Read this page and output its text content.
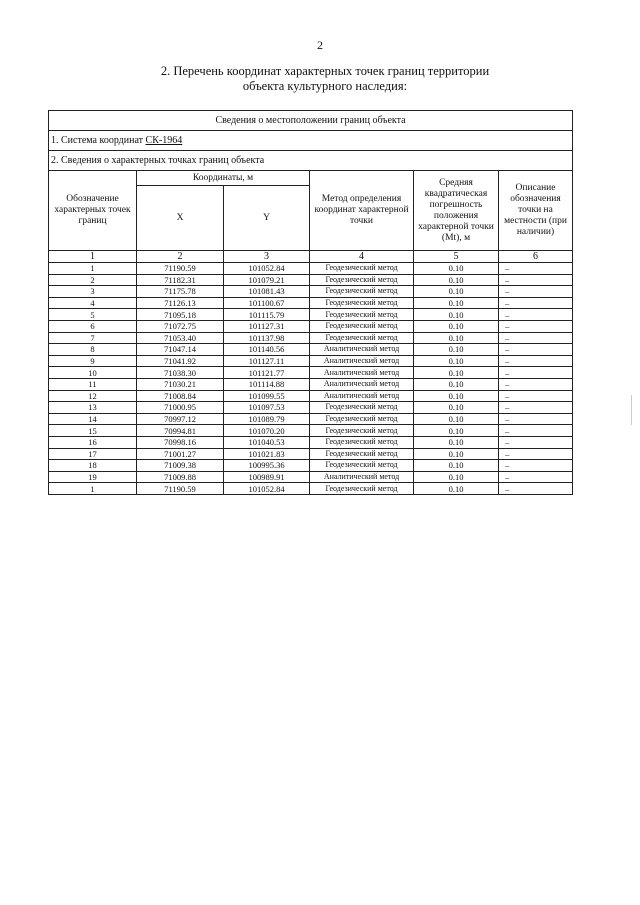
2
2. Перечень координат характерных точек границ территории
объекта культурного наследия:
Сведения о местоположении границ объекта					
1. Система координат СК-1964					
2. Сведения о характерных точках границ объекта					
Обозначение характерных точек границ	Координаты, м		Метод определения координат характерной точки	Средняя квадратическая погрешность положения характерной точки (Mt), м	Описание обозначения точки на местности (при наличии)
	X	Y			
1	2	3	4	5	6
1	71190.59	101052.84	Геодезический метод	0.10	–
2	71182.31	101079.21	Геодезический метод	0.10	–
3	71175.78	101081.43	Геодезический метод	0.10	–
4	71126.13	101100.67	Геодезический метод	0.10	–
5	71095.18	101115.79	Геодезический метод	0.10	–
6	71072.75	101127.31	Геодезический метод	0.10	–
7	71053.40	101137.98	Геодезический метод	0.10	–
8	71047.14	101140.56	Аналитический метод	0.10	–
9	71041.92	101127.11	Аналитический метод	0.10	–
10	71038.30	101121.77	Аналитический метод	0.10	–
11	71030.21	101114.88	Аналитический метод	0.10	–
12	71008.84	101099.55	Аналитический метод	0.10	–
13	71000.95	101097.53	Геодезический метод	0.10	–
14	70997.12	101089.79	Геодезический метод	0.10	–
15	70994.81	101070.20	Геодезический метод	0.10	–
16	70998.16	101040.53	Геодезический метод	0.10	–
17	71001.27	101021.83	Геодезический метод	0.10	–
18	71009.38	100995.36	Геодезический метод	0.10	–
19	71009.88	100989.91	Аналитический метод	0.10	–
1	71190.59	101052.84	Геодезический метод	0.10	–
